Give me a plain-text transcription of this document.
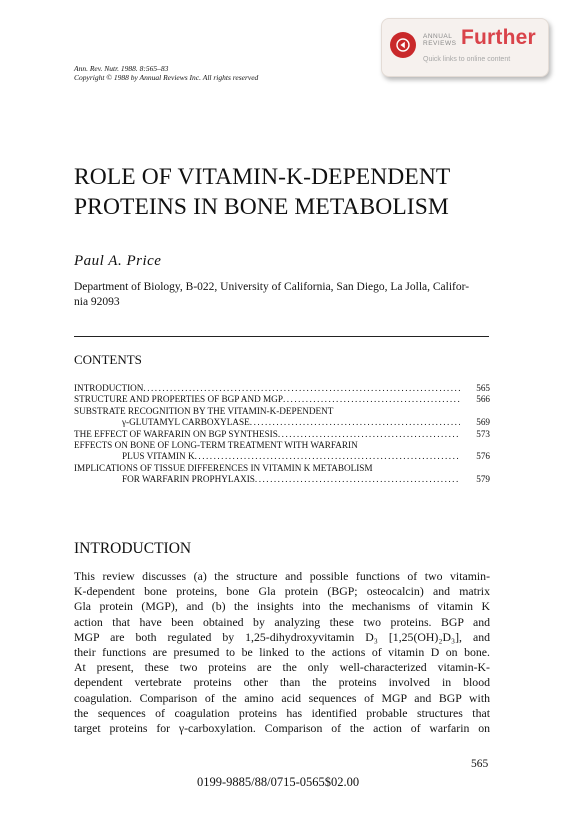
ANNUAL
REVIEWS Further
Quick links to online content
Ann. Rev. Nutr. 1988. 8:565–83
Copyright © 1988 by Annual Reviews Inc. All rights reserved
ROLE OF VITAMIN-K-DEPENDENT
PROTEINS IN BONE METABOLISM
Paul A. Price
Department of Biology, B-022, University of California, San Diego, La Jolla, Califor-
nia 92093
CONTENTS
INTRODUCTION . . .	565
STRUCTURE AND PROPERTIES OF BGP AND MGP . . .	566
SUBSTRATE RECOGNITION BY THE VITAMIN-K-DEPENDENT
γ-GLUTAMYL CARBOXYLASE . . .	569
THE EFFECT OF WARFARIN ON BGP SYNTHESIS . . .	573
EFFECTS ON BONE OF LONG-TERM TREATMENT WITH WARFARIN
PLUS VITAMIN K . . .	576
IMPLICATIONS OF TISSUE DIFFERENCES IN VITAMIN K METABOLISM
FOR WARFARIN PROPHYLAXIS . . .	579
INTRODUCTION
This review discusses (a) the structure and possible functions of two vitamin-
K-dependent bone proteins, bone Gla protein (BGP; osteocalcin) and matrix
Gla protein (MGP), and (b) the insights into the mechanisms of vitamin K
action that have been obtained by analyzing these two proteins. BGP and
MGP are both regulated by 1,25-dihydroxyvitamin D₃ [1,25(OH)₂D₃], and
their functions are presumed to be linked to the actions of vitamin D on bone.
At present, these two proteins are the only well-characterized vitamin-K-
dependent vertebrate proteins other than the proteins involved in blood
coagulation. Comparison of the amino acid sequences of MGP and BGP with
the sequences of coagulation proteins has identified probable structures that
target proteins for γ-carboxylation. Comparison of the action of warfarin on
565
0199-9885/88/0715-0565$02.00
